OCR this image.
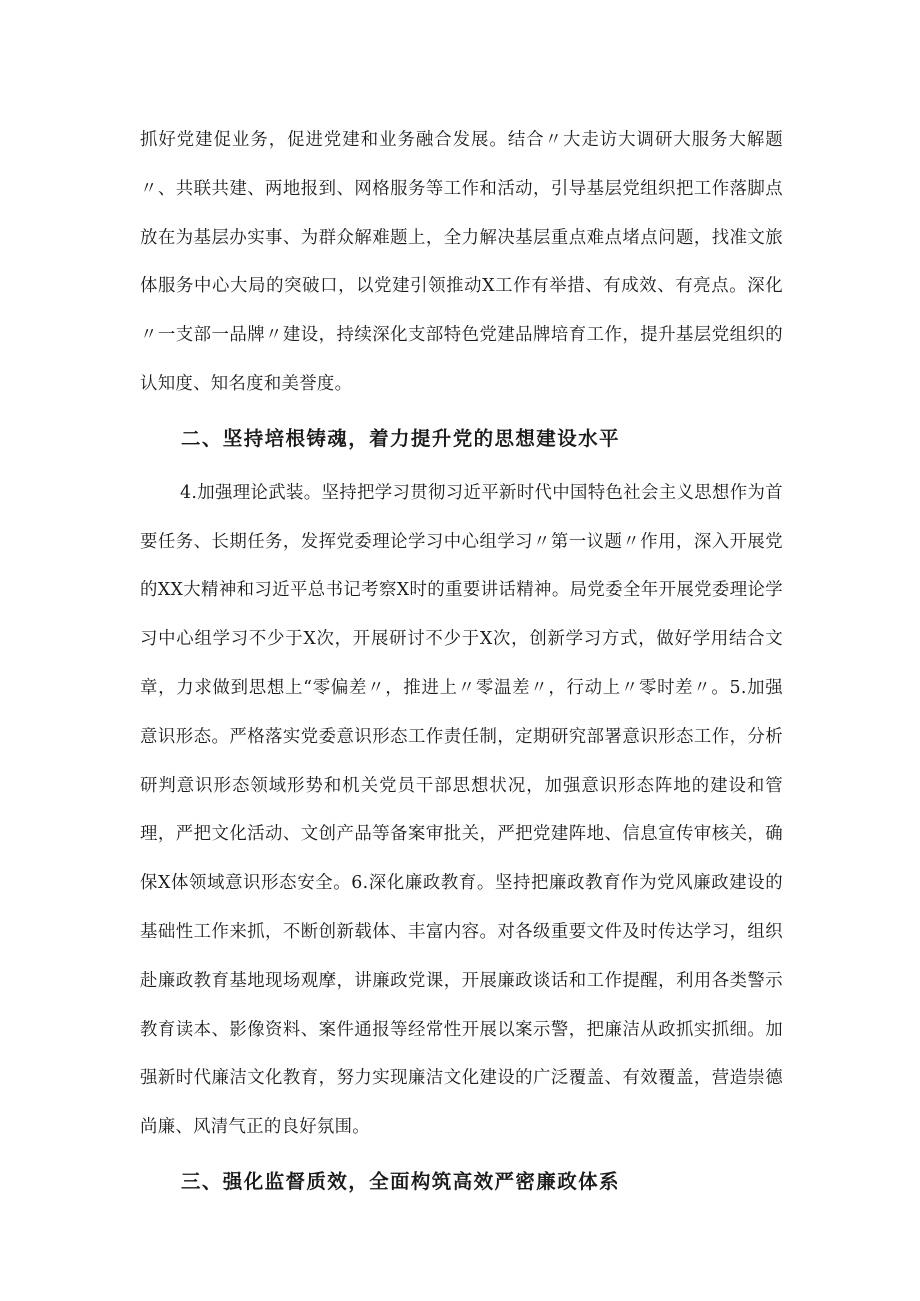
抓好党建促业务，促进党建和业务融合发展。结合〃大走访大调研大服务大解题〃、共联共建、两地报到、网格服务等工作和活动，引导基层党组织把工作落脚点放在为基层办实事、为群众解难题上，全力解决基层重点难点堵点问题，找准文旅体服务中心大局的突破口，以党建引领推动X工作有举措、有成效、有亮点。深化〃一支部一品牌〃建设，持续深化支部特色党建品牌培育工作，提升基层党组织的认知度、知名度和美誉度。

二、坚持培根铸魂，着力提升党的思想建设水平

4.加强理论武装。坚持把学习贯彻习近平新时代中国特色社会主义思想作为首要任务、长期任务，发挥党委理论学习中心组学习〃第一议题〃作用，深入开展党的XX大精神和习近平总书记考察X时的重要讲话精神。局党委全年开展党委理论学习中心组学习不少于X次，开展研讨不少于X次，创新学习方式，做好学用结合文章，力求做到思想上“零偏差〃，推进上〃零温差〃，行动上〃零时差〃。5.加强意识形态。严格落实党委意识形态工作责任制，定期研究部署意识形态工作，分析研判意识形态领域形势和机关党员干部思想状况，加强意识形态阵地的建设和管理，严把文化活动、文创产品等备案审批关，严把党建阵地、信息宣传审核关，确保X体领域意识形态安全。6.深化廉政教育。坚持把廉政教育作为党风廉政建设的基础性工作来抓，不断创新载体、丰富内容。对各级重要文件及时传达学习，组织赴廉政教育基地现场观摩，讲廉政党课，开展廉政谈话和工作提醒，利用各类警示教育读本、影像资料、案件通报等经常性开展以案示警，把廉洁从政抓实抓细。加强新时代廉洁文化教育，努力实现廉洁文化建设的广泛覆盖、有效覆盖，营造崇德尚廉、风清气正的良好氛围。

三、强化监督质效，全面构筑高效严密廉政体系
